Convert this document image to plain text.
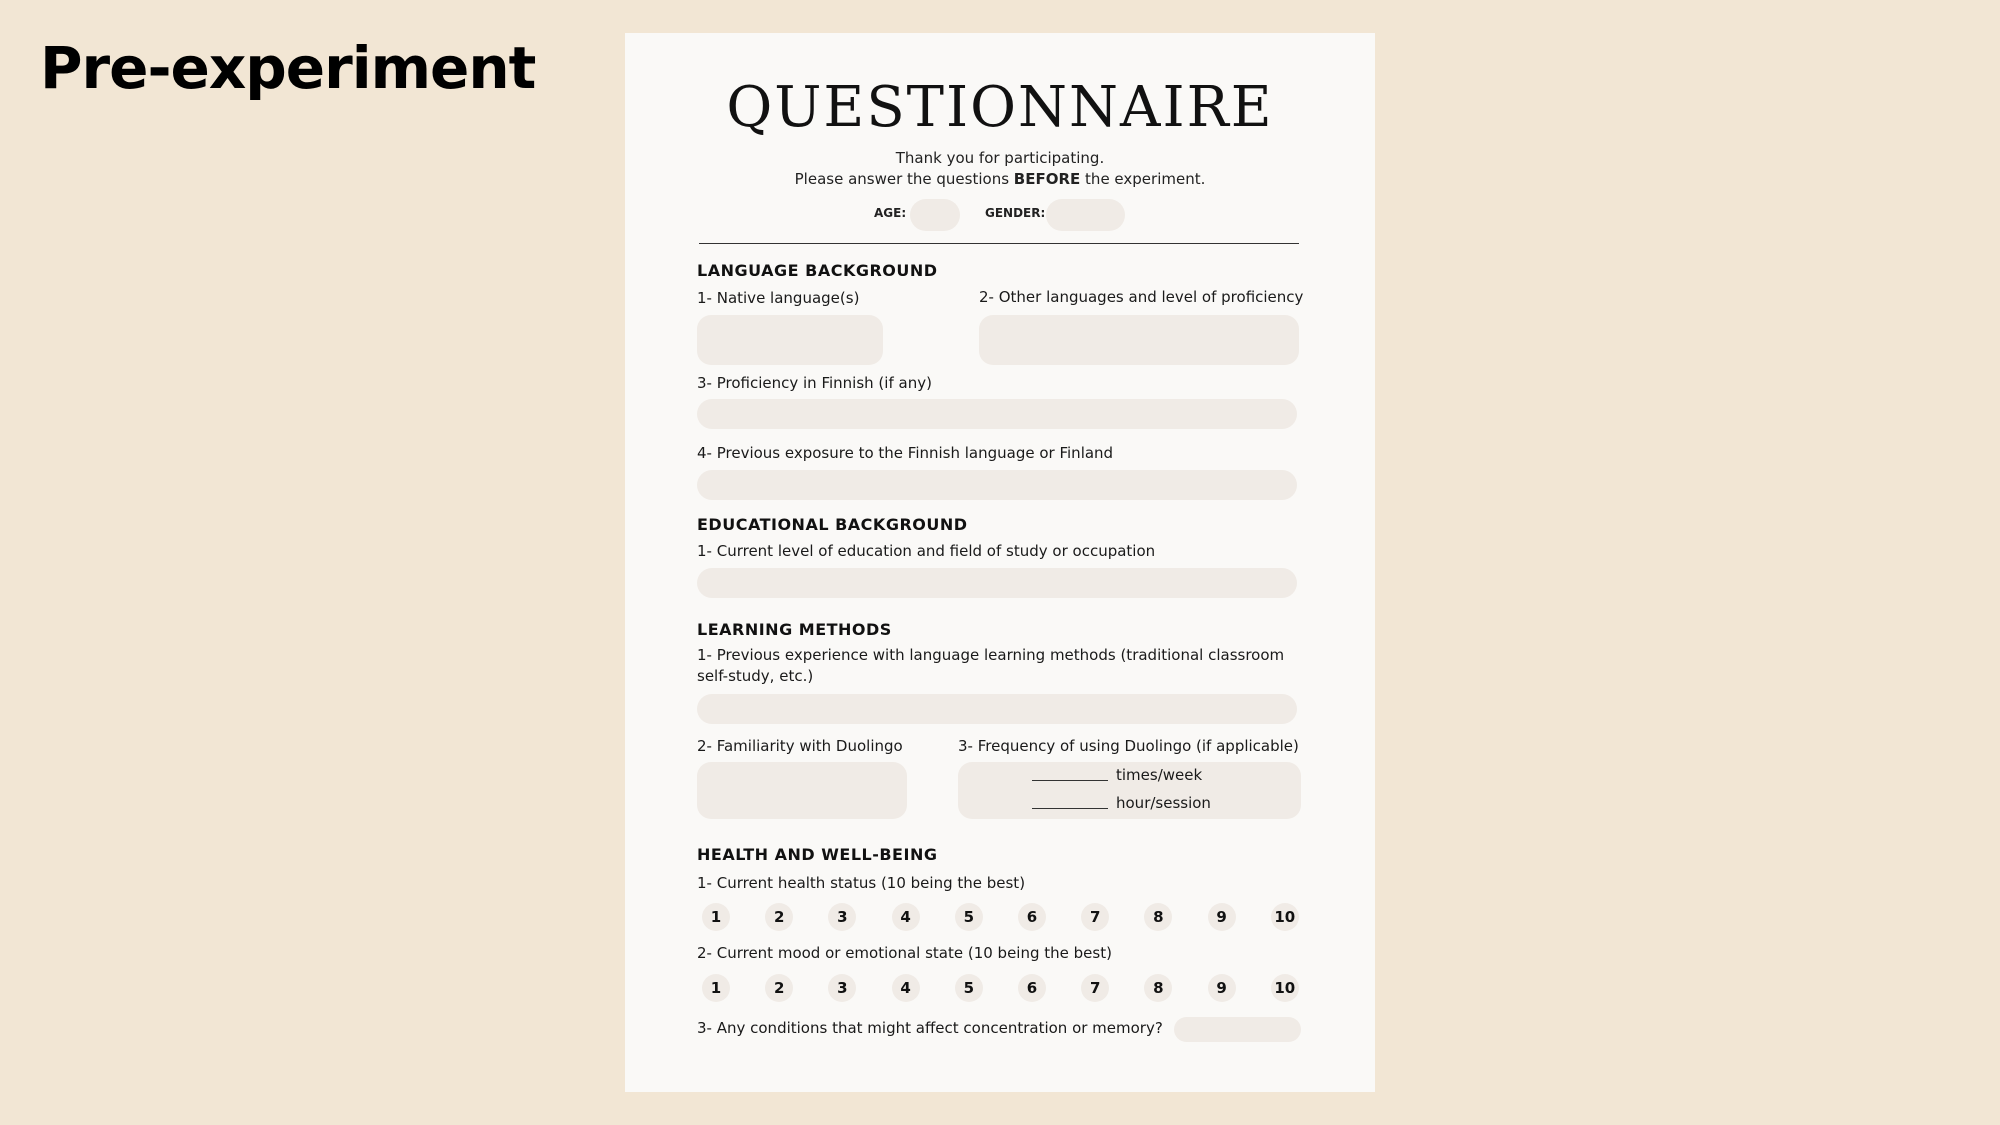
Pre-experiment
QUESTIONNAIRE
Thank you for participating.
Please answer the questions BEFORE the experiment.
AGE:	GENDER:
LANGUAGE BACKGROUND
1- Native language(s)	2- Other languages and level of proficiency
3- Proficiency in Finnish (if any)
4- Previous exposure to the Finnish language or Finland
EDUCATIONAL BACKGROUND
1- Current level of education and field of study or occupation
LEARNING METHODS
1- Previous experience with language learning methods (traditional classroom
self-study, etc.)
2- Familiarity with Duolingo	3- Frequency of using Duolingo (if applicable)
times/week
hour/session
HEALTH AND WELL-BEING
1- Current health status (10 being the best)
2- Current mood or emotional state (10 being the best)
3- Any conditions that might affect concentration or memory?
1	2	3	4	5	6	7	8	9	10
1	2	3	4	5	6	7	8	9	10
